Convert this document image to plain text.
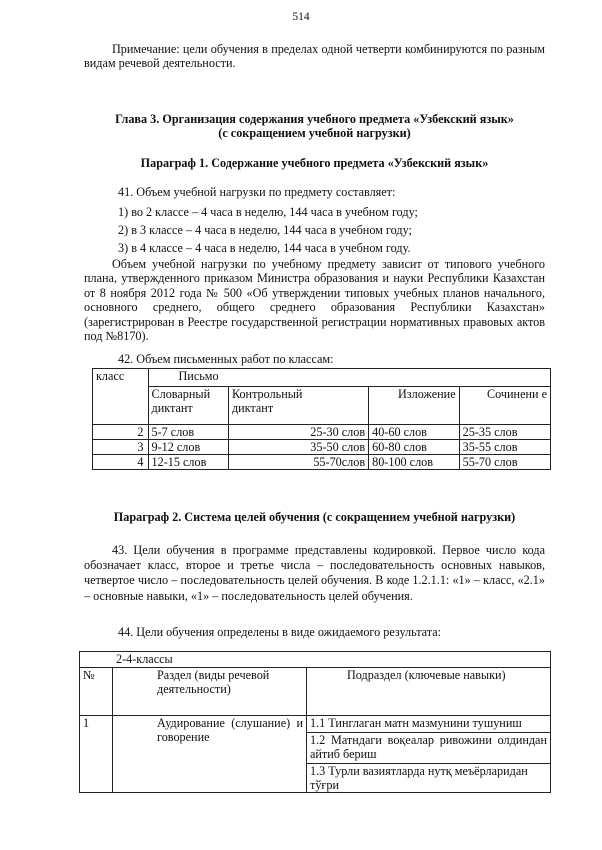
514
Примечание: цели обучения в пределах одной четверти комбинируются по разным видам речевой деятельности.
Глава 3. Организация содержания учебного предмета «Узбекский язык»
(с сокращением учебной нагрузки)
Параграф 1. Содержание учебного предмета «Узбекский язык»
41. Объем учебной нагрузки по предмету составляет:
1) во 2 классе – 4 часа в неделю, 144 часа в учебном году;
2) в 3 классе – 4 часа в неделю, 144 часа в учебном году;
3) в 4 классе – 4 часа в неделю, 144 часа в учебном году.
Объем учебной нагрузки по учебному предмету зависит от типового учебного плана, утвержденного приказом Министра образования и науки Республики Казахстан от 8 ноября 2012 года № 500 «Об утверждении типовых учебных планов начального, основного среднего, общего среднего образования Республики Казахстан» (зарегистрирован в Реестре государственной регистрации нормативных правовых актов под №8170).
42. Объем письменных работ по классам:
класс	Письмо			
	Словарный диктант	Контрольный диктант	Изложение	Сочинени е
2	5-7 слов	25-30 слов	40-60 слов	25-35 слов
3	9-12 слов	35-50 слов	60-80 слов	35-55 слов
4	12-15 слов	55-70слов	80-100 слов	55-70 слов
Параграф 2. Система целей обучения (с сокращением учебной нагрузки)
43. Цели обучения в программе представлены кодировкой. Первое число кода обозначает класс, второе и третье числа – последовательность основных навыков, четвертое число – последовательность целей обучения. В коде 1.2.1.1: «1» – класс, «2.1» – основные навыки, «1» – последовательность целей обучения.
44. Цели обучения определены в виде ожидаемого результата:
2-4-классы		
№	Раздел (виды речевой деятельности)	Подраздел (ключевые навыки)
1	Аудирование (слушание) и говорение	1.1 Тинглаган матн мазмунини тушуниш
		1.2 Матндаги воқеалар ривожини олдиндан айтиб бериш
		1.3 Турли вазиятларда нутқ меъёрларидан тўғри
